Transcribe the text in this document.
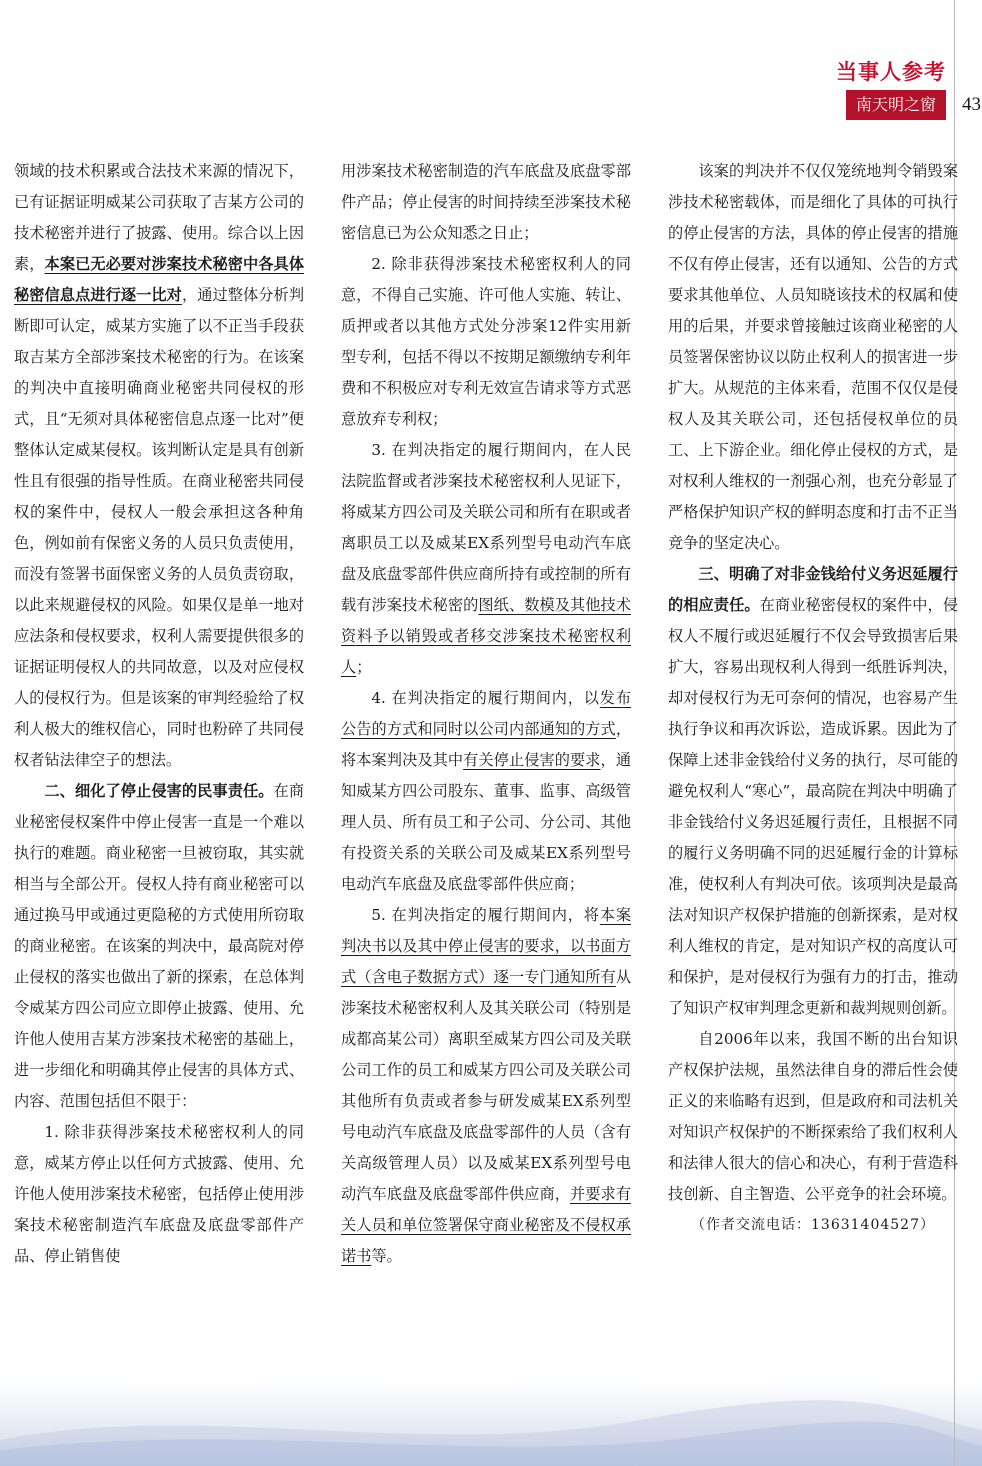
当事人参考
南天明之窗	43

领域的技术积累或合法技术来源的情况下，已有证据证明威某公司获取了吉某方公司的技术秘密并进行了披露、使用。综合以上因素，本案已无必要对涉案技术秘密中各具体秘密信息点进行逐一比对，通过整体分析判断即可认定，威某方实施了以不正当手段获取吉某方全部涉案技术秘密的行为。在该案的判决中直接明确商业秘密共同侵权的形式，且“无须对具体秘密信息点逐一比对”便整体认定威某侵权。该判断认定是具有创新性且有很强的指导性质。在商业秘密共同侵权的案件中，侵权人一般会承担这各种角色，例如前有保密义务的人员只负责使用，而没有签署书面保密义务的人员负责窃取，以此来规避侵权的风险。如果仅是单一地对应法条和侵权要求，权利人需要提供很多的证据证明侵权人的共同故意，以及对应侵权人的侵权行为。但是该案的审判经验给了权利人极大的维权信心，同时也粉碎了共同侵权者钻法律空子的想法。

二、细化了停止侵害的民事责任。在商业秘密侵权案件中停止侵害一直是一个难以执行的难题。商业秘密一旦被窃取，其实就相当与全部公开。侵权人持有商业秘密可以通过换马甲或通过更隐秘的方式使用所窃取的商业秘密。在该案的判决中，最高院对停止侵权的落实也做出了新的探索，在总体判令威某方四公司应立即停止披露、使用、允许他人使用吉某方涉案技术秘密的基础上，进一步细化和明确其停止侵害的具体方式、内容、范围包括但不限于：

1. 除非获得涉案技术秘密权利人的同意，威某方停止以任何方式披露、使用、允许他人使用涉案技术秘密，包括停止使用涉案技术秘密制造汽车底盘及底盘零部件产品、停止销售使

用涉案技术秘密制造的汽车底盘及底盘零部件产品；停止侵害的时间持续至涉案技术秘密信息已为公众知悉之日止；

2. 除非获得涉案技术秘密权利人的同意，不得自己实施、许可他人实施、转让、质押或者以其他方式处分涉案12件实用新型专利，包括不得以不按期足额缴纳专利年费和不积极应对专利无效宣告请求等方式恶意放弃专利权；

3. 在判决指定的履行期间内，在人民法院监督或者涉案技术秘密权利人见证下，将威某方四公司及关联公司和所有在职或者离职员工以及威某EX系列型号电动汽车底盘及底盘零部件供应商所持有或控制的所有载有涉案技术秘密的图纸、数模及其他技术资料予以销毁或者移交涉案技术秘密权利人；

4. 在判决指定的履行期间内，以发布公告的方式和同时以公司内部通知的方式，将本案判决及其中有关停止侵害的要求，通知威某方四公司股东、董事、监事、高级管理人员、所有员工和子公司、分公司、其他有投资关系的关联公司及威某EX系列型号电动汽车底盘及底盘零部件供应商；

5. 在判决指定的履行期间内，将本案判决书以及其中停止侵害的要求，以书面方式（含电子数据方式）逐一专门通知所有从涉案技术秘密权利人及其关联公司（特别是成都高某公司）离职至威某方四公司及关联公司工作的员工和威某方四公司及关联公司其他所有负责或者参与研发威某EX系列型号电动汽车底盘及底盘零部件的人员（含有关高级管理人员）以及威某EX系列型号电动汽车底盘及底盘零部件供应商，并要求有关人员和单位签署保守商业秘密及不侵权承诺书等。

该案的判决并不仅仅笼统地判令销毁案涉技术秘密载体，而是细化了具体的可执行的停止侵害的方法，具体的停止侵害的措施不仅有停止侵害，还有以通知、公告的方式要求其他单位、人员知晓该技术的权属和使用的后果，并要求曾接触过该商业秘密的人员签署保密协议以防止权利人的损害进一步扩大。从规范的主体来看，范围不仅仅是侵权人及其关联公司，还包括侵权单位的员工、上下游企业。细化停止侵权的方式，是对权利人维权的一剂强心剂，也充分彰显了严格保护知识产权的鲜明态度和打击不正当竞争的坚定决心。

三、明确了对非金钱给付义务迟延履行的相应责任。在商业秘密侵权的案件中，侵权人不履行或迟延履行不仅会导致损害后果扩大，容易出现权利人得到一纸胜诉判决，却对侵权行为无可奈何的情况，也容易产生执行争议和再次诉讼，造成诉累。因此为了保障上述非金钱给付义务的执行，尽可能的避免权利人“寒心”，最高院在判决中明确了非金钱给付义务迟延履行责任，且根据不同的履行义务明确不同的迟延履行金的计算标准，使权利人有判决可依。该项判决是最高法对知识产权保护措施的创新探索，是对权利人维权的肯定，是对知识产权的高度认可和保护，是对侵权行为强有力的打击，推动了知识产权审判理念更新和裁判规则创新。

自2006年以来，我国不断的出台知识产权保护法规，虽然法律自身的滞后性会使正义的来临略有迟到，但是政府和司法机关对知识产权保护的不断探索给了我们权利人和法律人很大的信心和决心，有利于营造科技创新、自主智造、公平竞争的社会环境。

（作者交流电话：13631404527）
